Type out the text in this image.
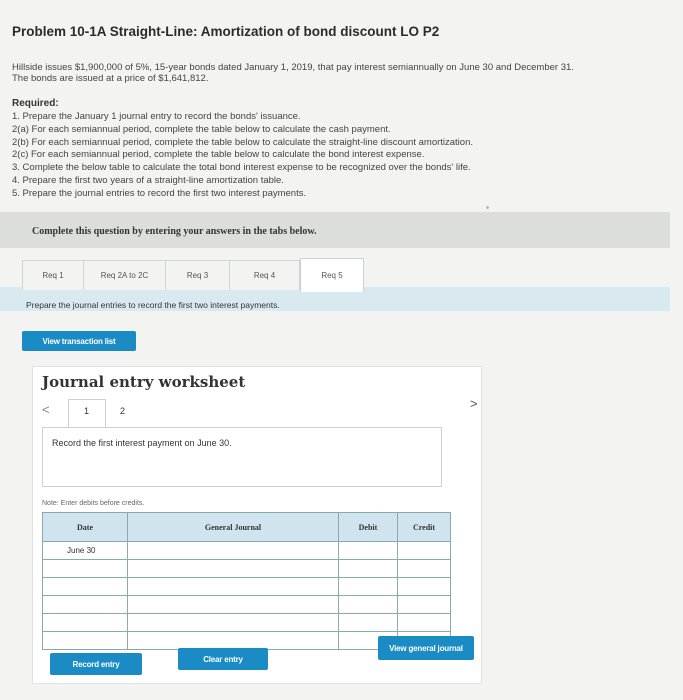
Problem 10-1A Straight-Line: Amortization of bond discount LO P2
Hillside issues $1,900,000 of 5%, 15-year bonds dated January 1, 2019, that pay interest semiannually on June 30 and December 31.
The bonds are issued at a price of $1,641,812.
Required:
1. Prepare the January 1 journal entry to record the bonds' issuance.
2(a) For each semiannual period, complete the table below to calculate the cash payment.
2(b) For each semiannual period, complete the table below to calculate the straight-line discount amortization.
2(c) For each semiannual period, complete the table below to calculate the bond interest expense.
3. Complete the below table to calculate the total bond interest expense to be recognized over the bonds' life.
4. Prepare the first two years of a straight-line amortization table.
5. Prepare the journal entries to record the first two interest payments.
Complete this question by entering your answers in the tabs below.
Req 1	Req 2A to 2C	Req 3	Req 4	Req 5
Prepare the journal entries to record the first two interest payments.
View transaction list
Journal entry worksheet
<	>
1	2
Record the first interest payment on June 30.
Note: Enter debits before credits.
Date	General Journal	Debit	Credit
June 30			

Record entry
Clear entry
View general journal
